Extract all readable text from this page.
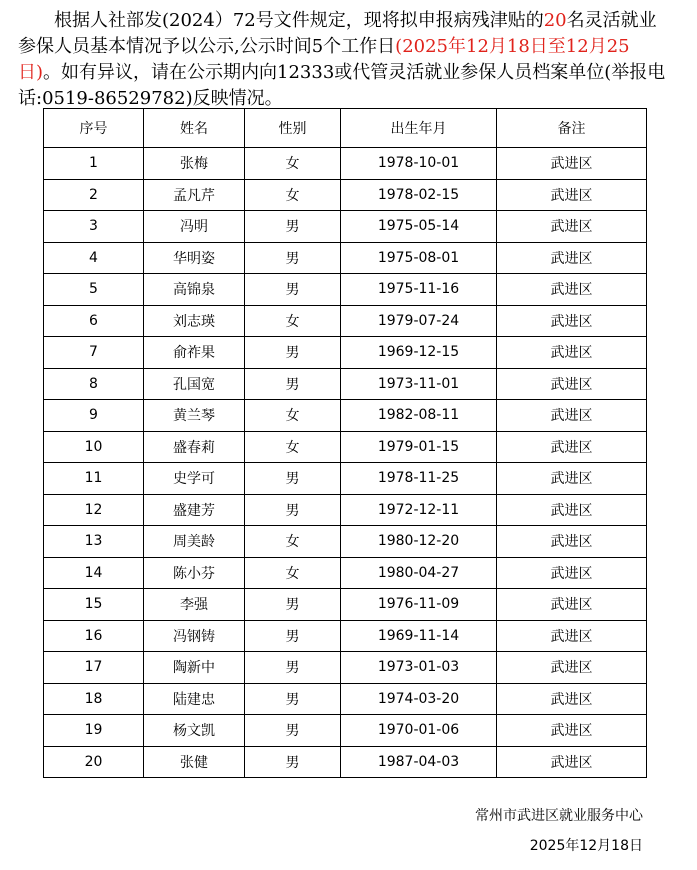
根据人社部发(2024）72号文件规定，现将拟申报病残津贴的20名灵活就业参保人员基本情况予以公示,公示时间5个工作日(2025年12月18日至12月25日)。如有异议，请在公示期内向12333或代管灵活就业参保人员档案单位(举报电话:0519-86529782)反映情况。

序号	姓名	性别	出生年月	备注
1	张梅	女	1978-10-01	武进区
2	孟凡芹	女	1978-02-15	武进区
3	冯明	男	1975-05-14	武进区
4	华明姿	男	1975-08-01	武进区
5	高锦泉	男	1975-11-16	武进区
6	刘志瑛	女	1979-07-24	武进区
7	俞祚果	男	1969-12-15	武进区
8	孔国宽	男	1973-11-01	武进区
9	黄兰琴	女	1982-08-11	武进区
10	盛春莉	女	1979-01-15	武进区
11	史学可	男	1978-11-25	武进区
12	盛建芳	男	1972-12-11	武进区
13	周美龄	女	1980-12-20	武进区
14	陈小芬	女	1980-04-27	武进区
15	李强	男	1976-11-09	武进区
16	冯钢铸	男	1969-11-14	武进区
17	陶新中	男	1973-01-03	武进区
18	陆建忠	男	1974-03-20	武进区
19	杨文凯	男	1970-01-06	武进区
20	张健	男	1987-04-03	武进区
常州市武进区就业服务中心
2025年12月18日
